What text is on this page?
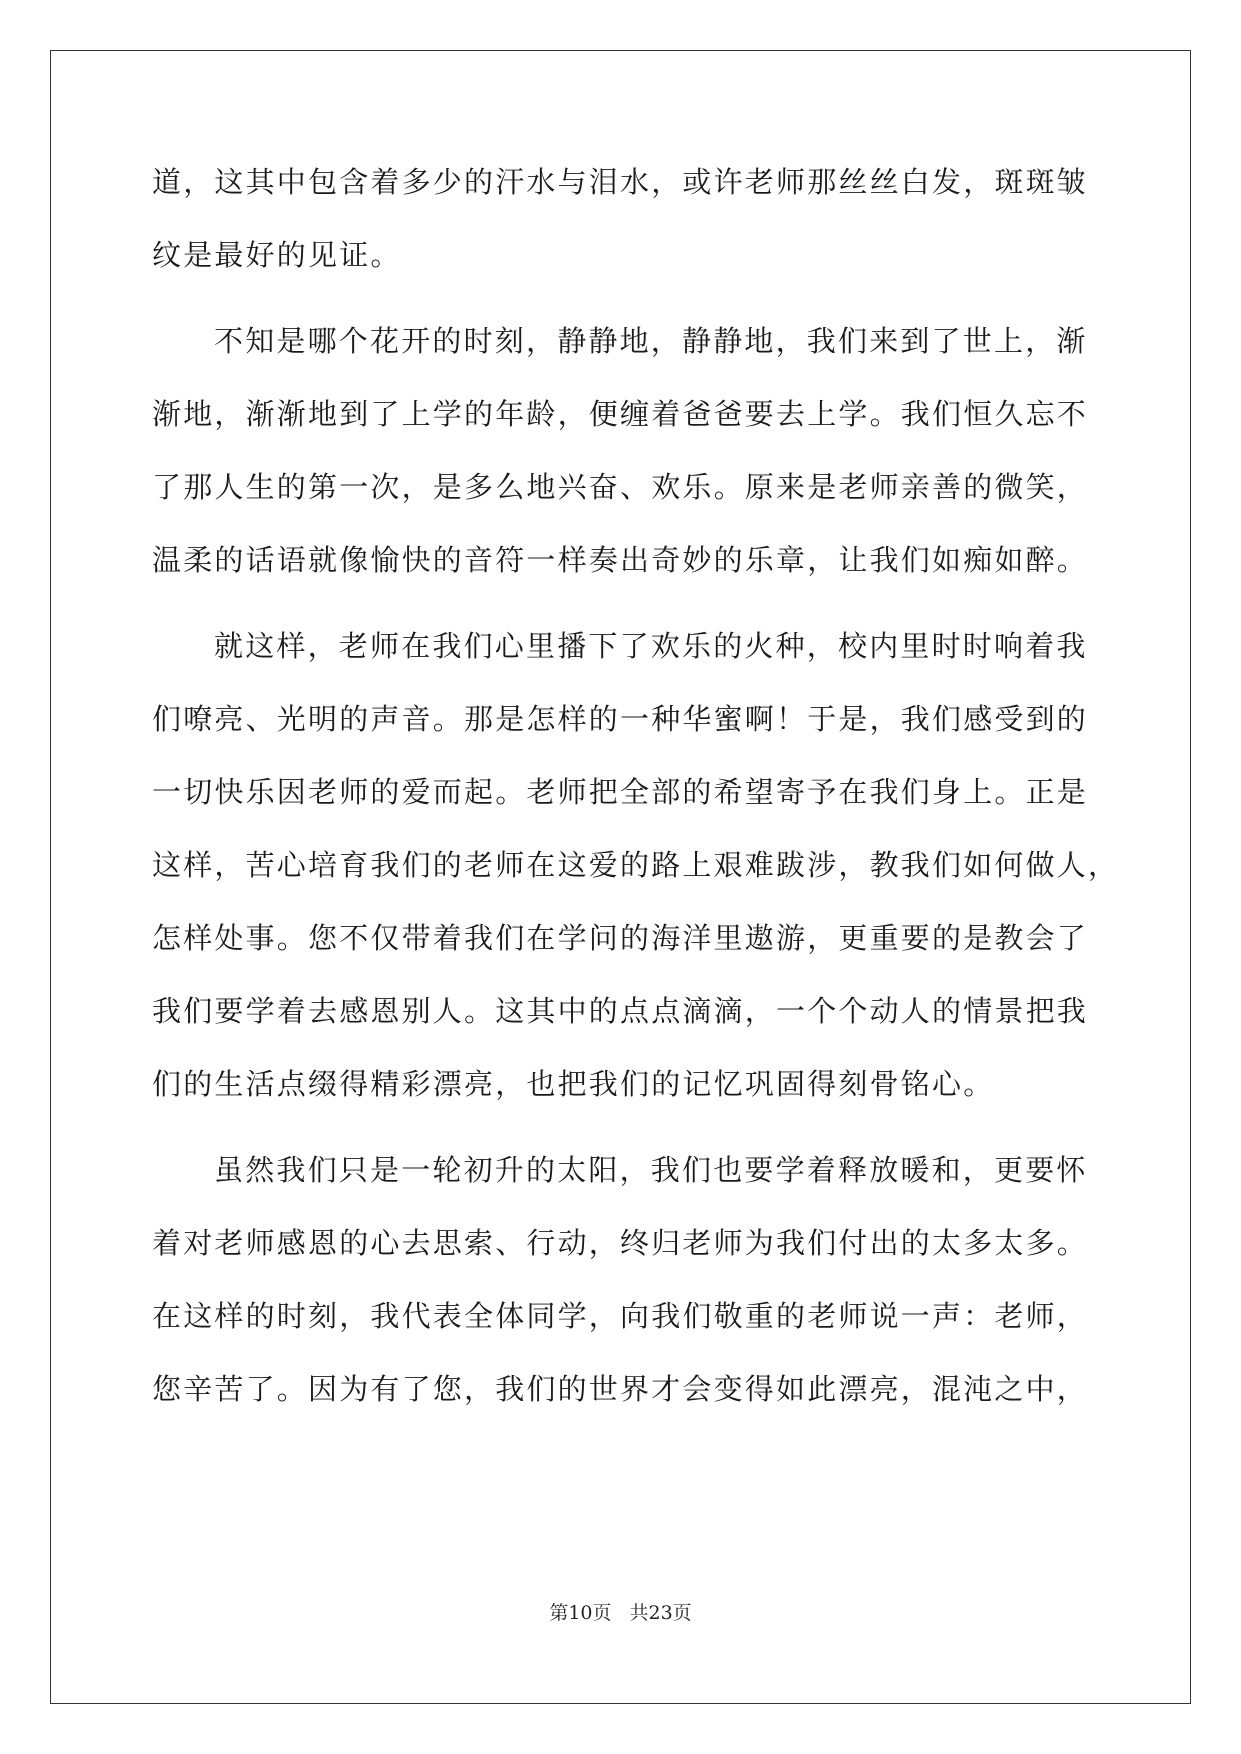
道，这其中包含着多少的汗水与泪水，或许老师那丝丝白发，斑斑皱
纹是最好的见证。
不知是哪个花开的时刻，静静地，静静地，我们来到了世上，渐
渐地，渐渐地到了上学的年龄，便缠着爸爸要去上学。我们恒久忘不
了那人生的第一次，是多么地兴奋、欢乐。原来是老师亲善的微笑，
温柔的话语就像愉快的音符一样奏出奇妙的乐章，让我们如痴如醉。
就这样，老师在我们心里播下了欢乐的火种，校内里时时响着我
们嘹亮、光明的声音。那是怎样的一种华蜜啊！于是，我们感受到的
一切快乐因老师的爱而起。老师把全部的希望寄予在我们身上。正是
这样，苦心培育我们的老师在这爱的路上艰难跋涉，教我们如何做人，
怎样处事。您不仅带着我们在学问的海洋里遨游，更重要的是教会了
我们要学着去感恩别人。这其中的点点滴滴，一个个动人的情景把我
们的生活点缀得精彩漂亮，也把我们的记忆巩固得刻骨铭心。
虽然我们只是一轮初升的太阳，我们也要学着释放暖和，更要怀
着对老师感恩的心去思索、行动，终归老师为我们付出的太多太多。
在这样的时刻，我代表全体同学，向我们敬重的老师说一声：老师，
您辛苦了。因为有了您，我们的世界才会变得如此漂亮，混沌之中，
第10页 共23页
